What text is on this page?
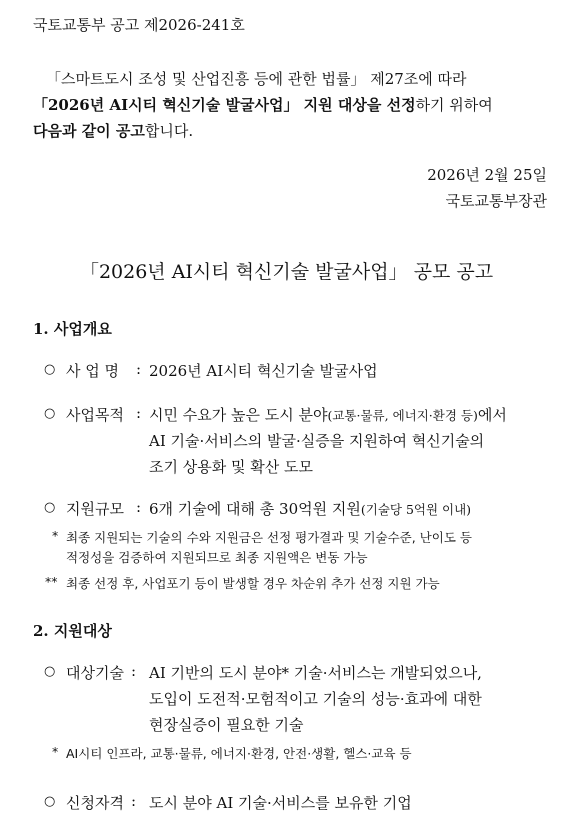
국토교통부 공고 제2026-241호
「스마트도시 조성 및 산업진흥 등에 관한 법률」 제27조에 따라
「2026년 AI시티 혁신기술 발굴사업」 지원 대상을 선정하기 위하여
다음과 같이 공고합니다.
2026년 2월 25일
국토교통부장관
「2026년 AI시티 혁신기술 발굴사업」 공모 공고
1. 사업개요
○ 사 업 명 : 2026년 AI시티 혁신기술 발굴사업
○ 사업목적 : 시민 수요가 높은 도시 분야(교통·물류, 에너지·환경 등)에서
AI 기술·서비스의 발굴·실증을 지원하여 혁신기술의
조기 상용화 및 확산 도모
○ 지원규모 : 6개 기술에 대해 총 30억원 지원(기술당 5억원 이내)
* 최종 지원되는 기술의 수와 지원금은 선정 평가결과 및 기술수준, 난이도 등
적정성을 검증하여 지원되므로 최종 지원액은 변동 가능
** 최종 선정 후, 사업포기 등이 발생할 경우 차순위 추가 선정 지원 가능
2. 지원대상
○ 대상기술 : AI 기반의 도시 분야* 기술·서비스는 개발되었으나,
도입이 도전적·모험적이고 기술의 성능·효과에 대한
현장실증이 필요한 기술
* AI시티 인프라, 교통·물류, 에너지·환경, 안전·생활, 헬스·교육 등
○ 신청자격 : 도시 분야 AI 기술·서비스를 보유한 기업
